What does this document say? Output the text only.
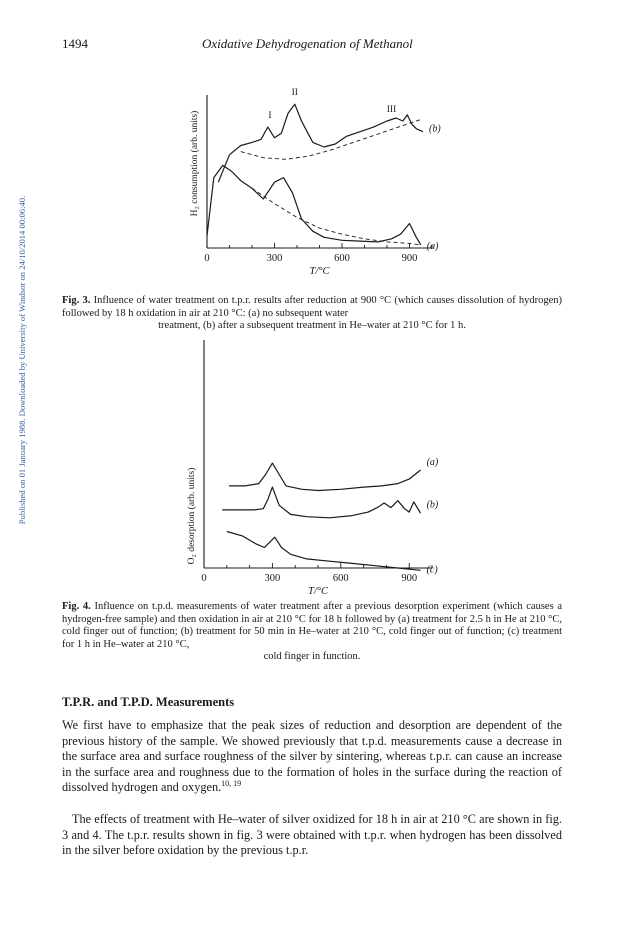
Published on 01 January 1988. Downloaded by University of Windsor on 24/10/2014 00:06:40.
1494	Oxidative Dehydrogenation of Methanol
0	300	600	900
T/°C
H₂ consumption (arb. units)	(b)
(a)
I
II
III
Fig. 3. Influence of water treatment on t.p.r. results after reduction at 900 °C (which causes dissolution of hydrogen) followed by 18 h oxidation in air at 210 °C: (a) no subsequent water
treatment, (b) after a subsequent treatment in He–water at 210 °C for 1 h.
0	300	600	900
T/°C
O₂ desorption (arb. units)
(a)
(b)
(c)
Fig. 4. Influence on t.p.d. measurements of water treatment after a previous desorption experiment (which causes a hydrogen-free sample) and then oxidation in air at 210 °C for 18 h followed by (a) treatment for 2.5 h in He at 210 °C, cold finger out of function; (b) treatment for 50 min in He–water at 210 °C, cold finger out of function; (c) treatment for 1 h in He–water at 210 °C,
cold finger in function.
T.P.R. and T.P.D. Measurements
We first have to emphasize that the peak sizes of reduction and desorption are dependent of the previous history of the sample. We showed previously that t.p.d. measurements cause a decrease in the surface area and surface roughness of the silver by sintering, whereas t.p.r. can cause an increase in the surface area and roughness due to the formation of holes in the surface during the reaction of dissolved hydrogen and oxygen.$^{10, 19}$
The effects of treatment with He–water of silver oxidized for 18 h in air at 210 °C are shown in fig. 3 and 4. The t.p.r. results shown in fig. 3 were obtained with t.p.r. when hydrogen has been dissolved in the silver before oxidation by the previous t.p.r.
